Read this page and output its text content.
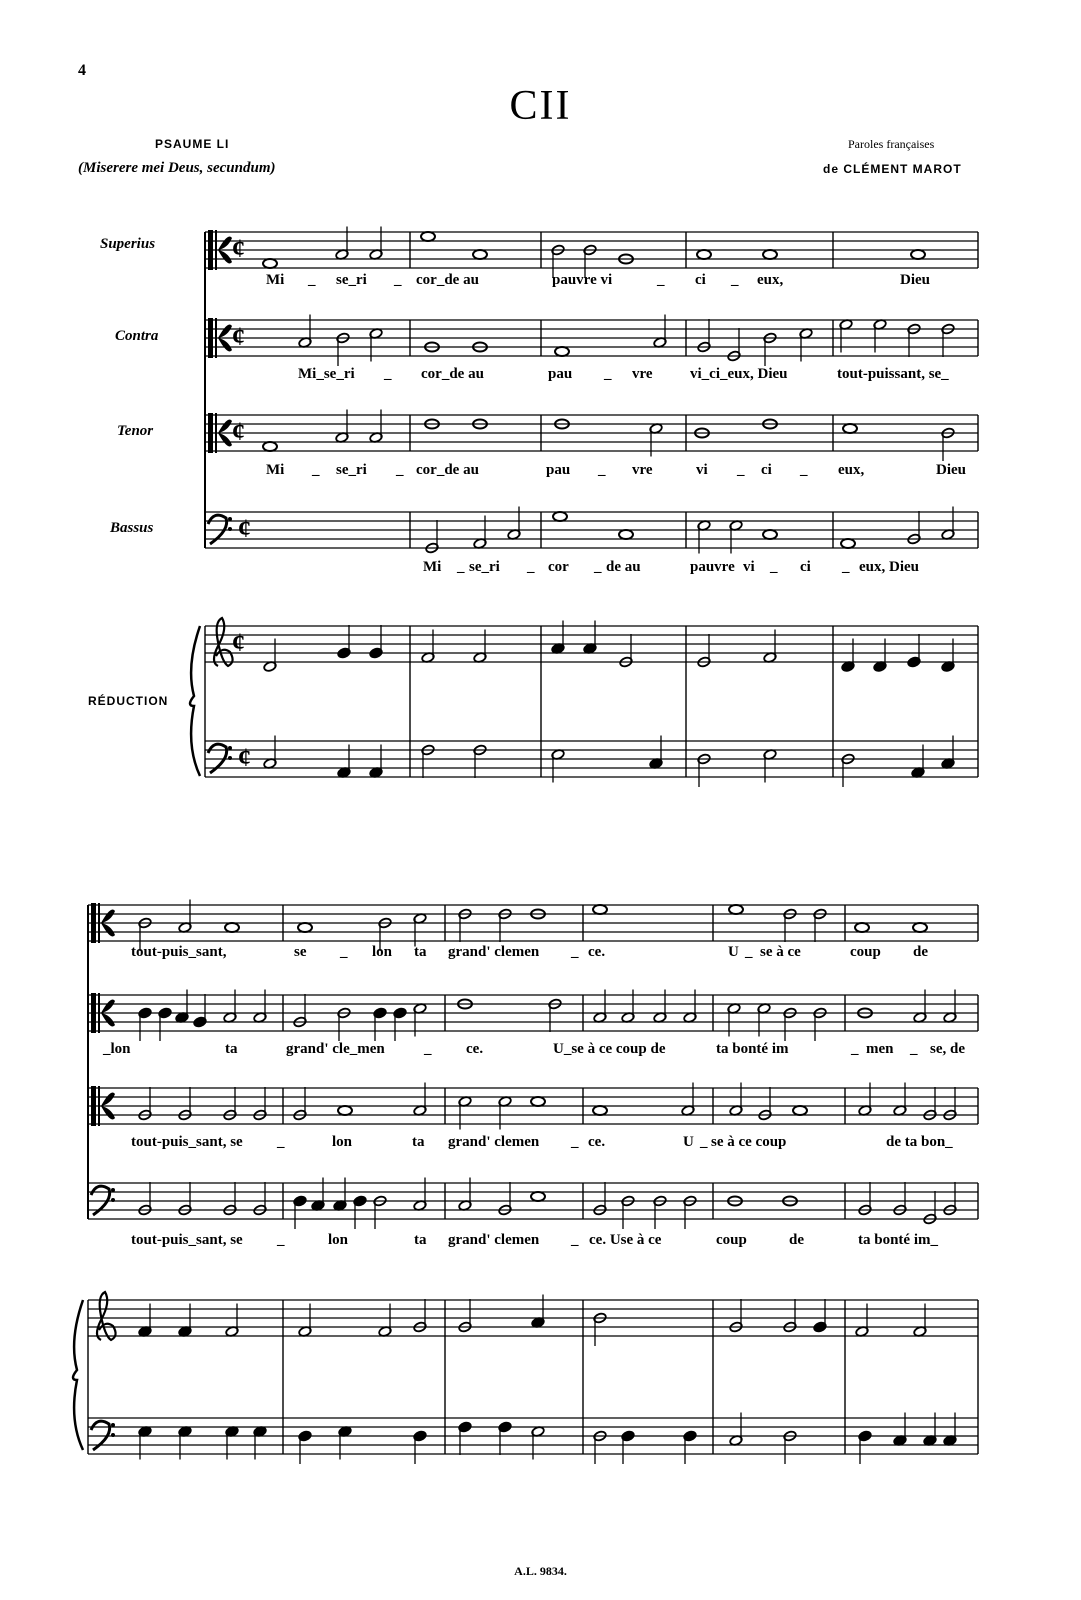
4
CII
PSAUME LI
(Miserere mei Deus, secundum)
Paroles françaises
de CLÉMENT MAROT
Superius
Contra
Tenor
Bassus
RÉDUCTION
¢
¢
¢
¢
¢
¢
Mi _ se_ri _ cor_de au	pauvre vi	_ ci _ eux,	Dieu
Mi_se_ri _ cor_de au	pau _ vre vi_ci_eux, Dieu	tout-puissant, se_
Mi _ se_ri _ cor_de au	pau _ vre	vi _ ci _ eux,	Dieu
Mi _ se_ri _ cor _ de au	pauvre vi _ ci _ eux, Dieu
tout-puis_sant,	se _ lon ta grand' clemen _ ce.	U _ se à ce	coup de
_lon	ta	grand' cle_men	_ ce.	U_se à ce coup de	ta bonté im	_ men _ se, de
tout-puis_sant, se _	lon	ta grand' clemen _ ce.	U _ se à ce coup	de ta bon_
tout-puis_sant, se _	lon	ta grand' clemen _ ce. Use à ce	coup	de	ta bonté im_
A.L. 9834.
